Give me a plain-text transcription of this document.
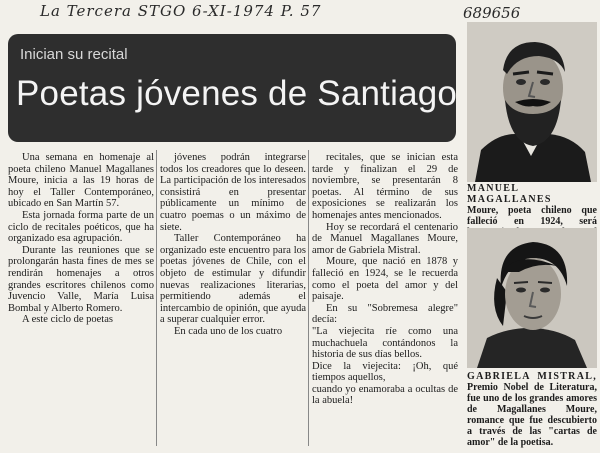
La Tercera STGO 6-XI-1974 P. 57	689656
Inician su recital
Poetas jóvenes de Santiago

Una semana en homenaje al poeta chileno Manuel Magallanes Moure, inicia a las 19 horas de hoy el Taller Contemporáneo, ubicado en San Martín 57.

Esta jornada forma parte de un ciclo de recitales poéticos, que ha organizado esa agrupación.

Durante las reuniones que se prolongarán hasta fines de mes se rendirán homenajes a otros grandes escritores chilenos como Juvencio Valle, María Luisa Bombal y Alberto Romero.

A este ciclo de poetas

jóvenes podrán integrarse todos los creadores que lo deseen. La participación de los interesados consistirá en presentar públicamente un mínimo de cuatro poemas o un máximo de siete.

Taller Contemporáneo ha organizado este encuentro para los poetas jóvenes de Chile, con el objeto de estimular y difundir nuevas realizaciones literarias, permitiendo además el intercambio de opinión, que ayuda a superar cualquier error.

En cada uno de los cuatro

recitales, que se inician esta tarde y finalizan el 29 de noviembre, se presentarán 8 poetas. Al término de sus exposiciones se realizarán los homenajes antes mencionados.

Hoy se recordará el centenario de Manuel Magallanes Moure, amor de Gabriela Mistral.

Moure, que nació en 1878 y falleció en 1924, se le recuerda como el poeta del amor y del paisaje.

En su "Sobremesa alegre" decía:

"La viejecita ríe como una muchachuela contándonos la historia de sus días bellos.

Dice la viejecita: ¡Oh, qué tiempos aquellos,

cuando yo enamoraba a ocultas de la abuela!

MANUEL MAGALLANES
Moure, poeta chileno que falleció en 1924, será
GABRIELA MISTRAL, Premio Nobel de Literatura, fue uno de los grandes amores de Magallanes Moure, romance que fue descubierto a través de las "cartas de amor" de la poetisa.
